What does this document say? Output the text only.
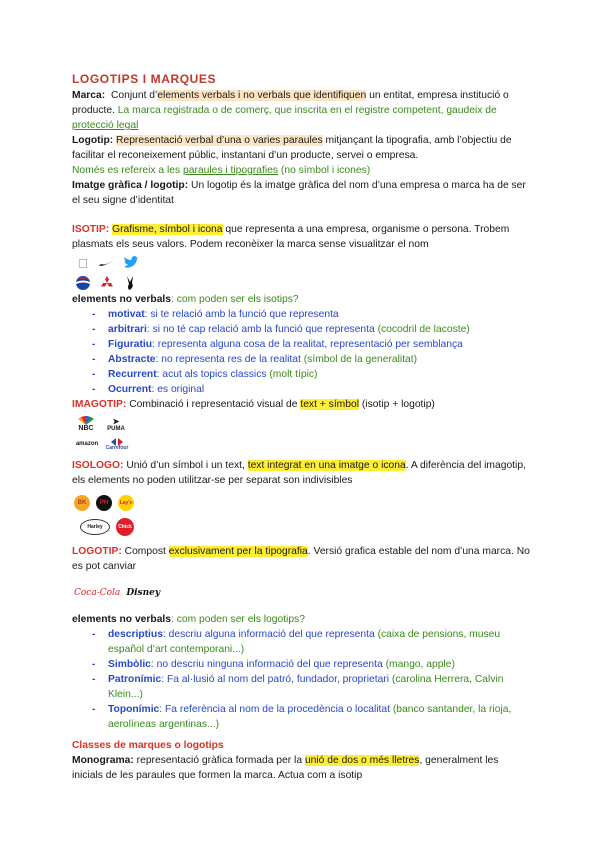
LOGOTIPS I MARQUES

Marca: Conjunt d’elements verbals i no verbals que identifiquen un entitat, empresa institució o producte. La marca registrada o de comerç, que inscrita en el registre competent, gaudeix de protecció legal

Logotip: Representació verbal d’una o varies paraules mitjançant la tipografia, amb l’objectiu de facilitar el reconeixement públic, instantani d’un producte, servei o empresa.
Només es refereix a les paraules i tipografies (no símbol i icones)

Imatge gràfica / logotip: Un logotip és la imatge gràfica del nom d’una empresa o marca ha de ser el seu signe d’identitat

ISOTIP: Grafisme, símbol i icona que representa a una empresa, organisme o persona. Trobem plasmats els seus valors. Podem reconèixer la marca sense visualitzar el nom

elements no verbals: com poden ser els isotips?

- motivat: si te relació amb la funció que representa
- arbitrari: si no té cap relació amb la funció que representa (cocodril de lacoste)
- Figuratiu: representa alguna cosa de la realitat, representació per semblança
- Abstracte: no representa res de la realitat (símbol de la generalitat)
- Recurrent: acut als topics classics (molt típic)
- Ocurrent: es original

IMAGOTIP: Combinació i representació visual de text + símbol (isotip + logotip)

NBC
➤
PUMA
amazon
Carrefour

ISOLOGO: Unió d’un símbol i un text, text integrat en una imatge o icona. A diferència del imagotip, els elements no poden utilitzar-se per separat son indivisibles

BK	PH	Lay's
Harley	Chick

LOGOTIP: Compost exclusivament per la tipografia. Versió grafica estable del nom d’una marca. No es pot canviar

Coca-Cola Disney

elements no verbals: com poden ser els logotips?

- descriptius: descriu alguna informació del que representa (caixa de pensions, museu español d’art contemporani...)
- Simbòlic: no descriu ninguna informació del que representa (mango, apple)
- Patronímic: Fa al·lusió al nom del patró, fundador, proprietari (carolina Herrera, Calvin Klein...)
- Toponímic: Fa referència al nom de la procedència o localitat (banco santander, la rioja, aerolíneas argentinas...)

Classes de marques o logotips

Monograma: representació gràfica formada per la unió de dos o més lletres, generalment les inicials de les paraules que formen la marca. Actua com a isotip
